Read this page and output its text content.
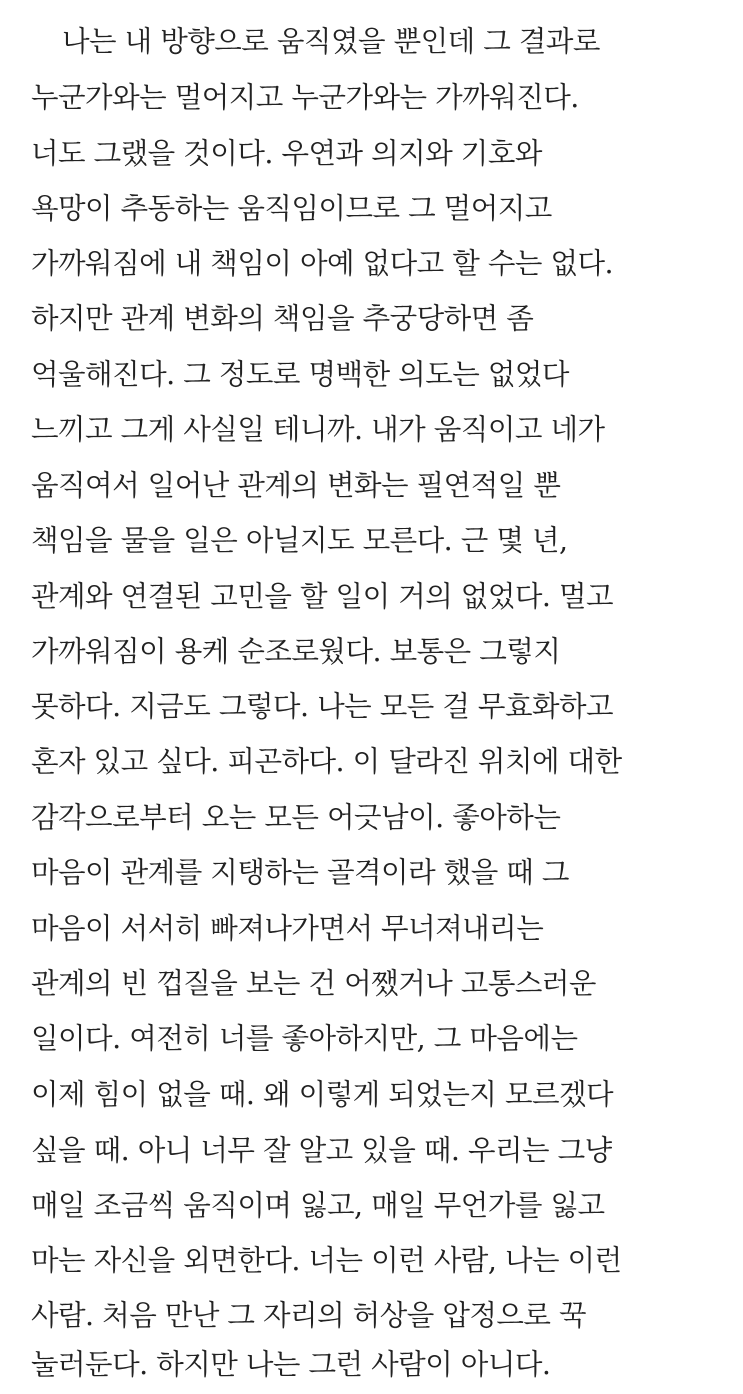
나는 내 방향으로 움직였을 뿐인데 그 결과로
누군가와는 멀어지고 누군가와는 가까워진다.
너도 그랬을 것이다. 우연과 의지와 기호와
욕망이 추동하는 움직임이므로 그 멀어지고
가까워짐에 내 책임이 아예 없다고 할 수는 없다.
하지만 관계 변화의 책임을 추궁당하면 좀
억울해진다. 그 정도로 명백한 의도는 없었다
느끼고 그게 사실일 테니까. 내가 움직이고 네가
움직여서 일어난 관계의 변화는 필연적일 뿐
책임을 물을 일은 아닐지도 모른다. 근 몇 년,
관계와 연결된 고민을 할 일이 거의 없었다. 멀고
가까워짐이 용케 순조로웠다. 보통은 그렇지
못하다. 지금도 그렇다. 나는 모든 걸 무효화하고
혼자 있고 싶다. 피곤하다. 이 달라진 위치에 대한
감각으로부터 오는 모든 어긋남이. 좋아하는
마음이 관계를 지탱하는 골격이라 했을 때 그
마음이 서서히 빠져나가면서 무너져내리는
관계의 빈 껍질을 보는 건 어쨌거나 고통스러운
일이다. 여전히 너를 좋아하지만, 그 마음에는
이제 힘이 없을 때. 왜 이렇게 되었는지 모르겠다
싶을 때. 아니 너무 잘 알고 있을 때. 우리는 그냥
매일 조금씩 움직이며 잃고, 매일 무언가를 잃고
마는 자신을 외면한다. 너는 이런 사람, 나는 이런
사람. 처음 만난 그 자리의 허상을 압정으로 꾹
눌러둔다. 하지만 나는 그런 사람이 아니다.
